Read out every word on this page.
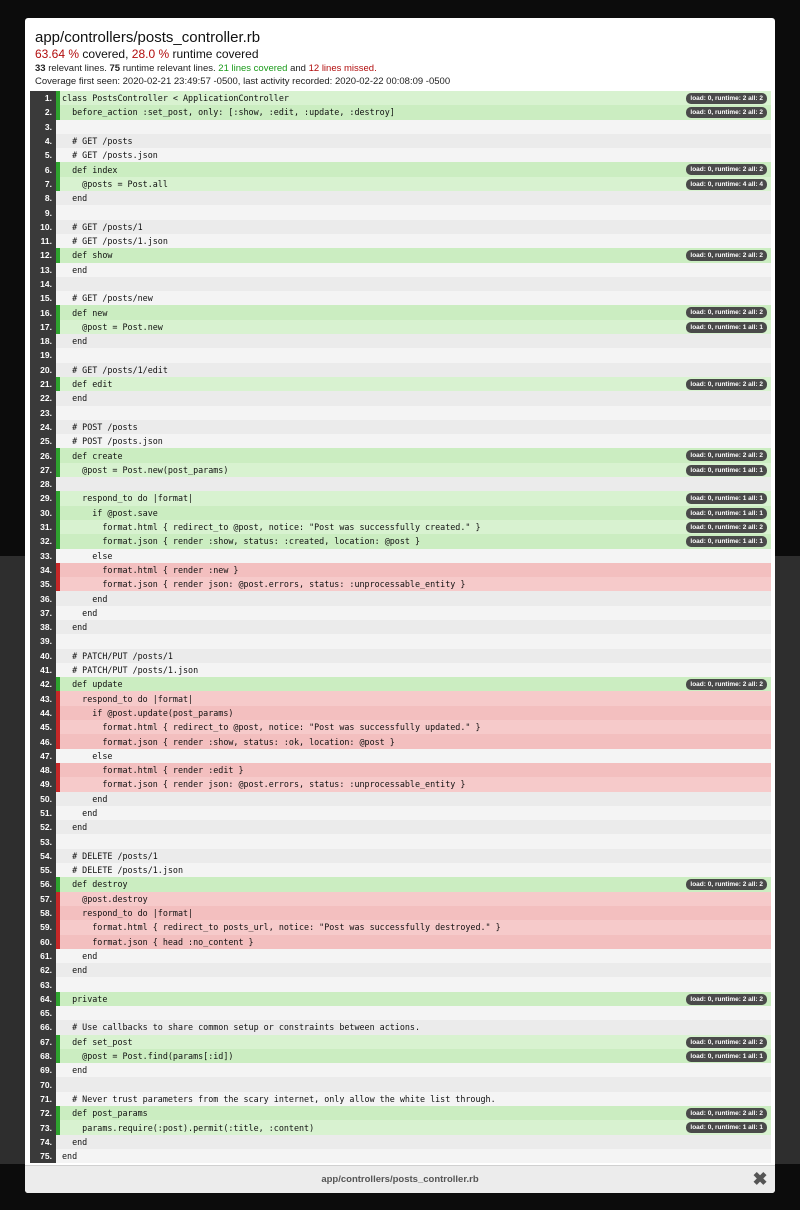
app/controllers/posts_controller.rb
63.64 % covered, 28.0 % runtime covered
33 relevant lines. 75 runtime relevant lines. 21 lines covered and 12 lines missed.
Coverage first seen: 2020-02-21 23:49:57 -0500, last activity recorded: 2020-02-22 00:08:09 -0500
1.	class PostsController < ApplicationController	load: 0, runtime: 2 all: 2
2.	before_action :set_post, only: [:show, :edit, :update, :destroy]	load: 0, runtime: 2 all: 2
3.
4.	# GET /posts
5.	# GET /posts.json
6.	def index	load: 0, runtime: 2 all: 2
7.	@posts = Post.all	load: 0, runtime: 4 all: 4
8.	end
9.
10.	# GET /posts/1
11.	# GET /posts/1.json
12.	def show	load: 0, runtime: 2 all: 2
13.	end
14.
15.	# GET /posts/new
16.	def new	load: 0, runtime: 2 all: 2
17.	@post = Post.new	load: 0, runtime: 1 all: 1
18.	end
19.
20.	# GET /posts/1/edit
21.	def edit	load: 0, runtime: 2 all: 2
22.	end
23.
24.	# POST /posts
25.	# POST /posts.json
26.	def create	load: 0, runtime: 2 all: 2
27.	@post = Post.new(post_params)	load: 0, runtime: 1 all: 1
28.
29.	respond_to do |format|	load: 0, runtime: 1 all: 1
30.	if @post.save	load: 0, runtime: 1 all: 1
31.	format.html { redirect_to @post, notice: "Post was successfully created." }	load: 0, runtime: 2 all: 2
32.	format.json { render :show, status: :created, location: @post }	load: 0, runtime: 1 all: 1
33.	else
34.	format.html { render :new }
35.	format.json { render json: @post.errors, status: :unprocessable_entity }
36.	end
37.	end
38.	end
39.
40.	# PATCH/PUT /posts/1
41.	# PATCH/PUT /posts/1.json
42.	def update	load: 0, runtime: 2 all: 2
43.	respond_to do |format|
44.	if @post.update(post_params)
45.	format.html { redirect_to @post, notice: "Post was successfully updated." }
46.	format.json { render :show, status: :ok, location: @post }
47.	else
48.	format.html { render :edit }
49.	format.json { render json: @post.errors, status: :unprocessable_entity }
50.	end
51.	end
52.	end
53.
54.	# DELETE /posts/1
55.	# DELETE /posts/1.json
56.	def destroy	load: 0, runtime: 2 all: 2
57.	@post.destroy
58.	respond_to do |format|
59.	format.html { redirect_to posts_url, notice: "Post was successfully destroyed." }
60.	format.json { head :no_content }
61.	end
62.	end
63.
64.	private	load: 0, runtime: 2 all: 2
65.
66.	# Use callbacks to share common setup or constraints between actions.
67.	def set_post	load: 0, runtime: 2 all: 2
68.	@post = Post.find(params[:id])	load: 0, runtime: 1 all: 1
69.	end
70.
71.	# Never trust parameters from the scary internet, only allow the white list through.
72.	def post_params	load: 0, runtime: 2 all: 2
73.	params.require(:post).permit(:title, :content)	load: 0, runtime: 1 all: 1
74.	end
75.	end
app/controllers/posts_controller.rb	✖
